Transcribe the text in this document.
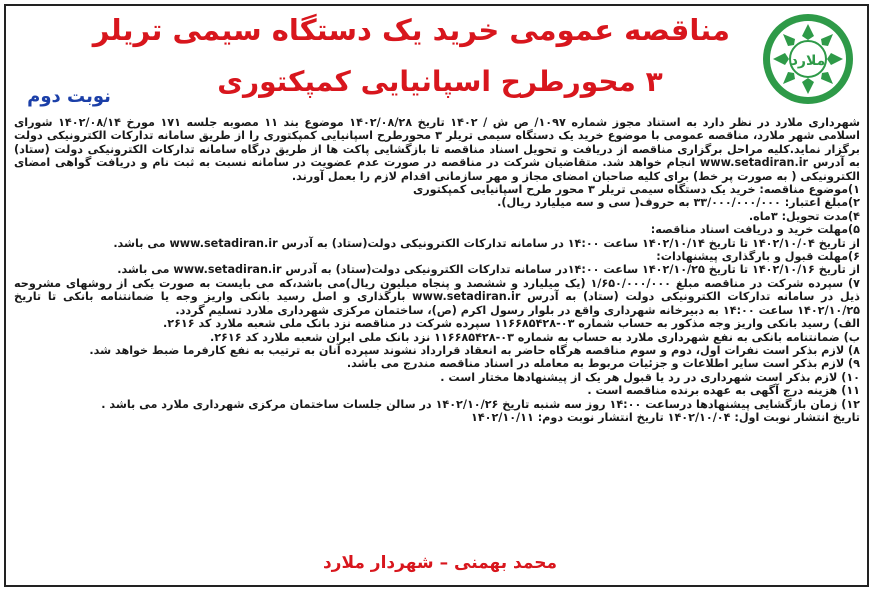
ملارد
مناقصه عمومی خرید یک دستگاه سیمی تریلر
۳ محورطرح اسپانیایی کمپکتوری
نوبت دوم

شهرداری ملارد در نظر دارد به استناد مجوز شماره ۱۰۹۷/ ص ش / ۱۴۰۲ تاریخ ۱۴۰۲/۰۸/۲۸ موضوع بند ۱۱ مصوبه جلسه ۱۷۱ مورخ ۱۴۰۲/۰۸/۱۴ شورای اسلامی شهر ملارد، مناقصه عمومی با موضوع خرید یک دستگاه سیمی تریلر ۳ محورطرح اسپانیایی کمپکتوری را از طریق سامانه تدارکات الکترونیکی دولت برگزار نماید.کلیه مراحل برگزاری مناقصه از دریافت و تحویل اسناد مناقصه تا بازگشایی پاکت ها از طریق درگاه سامانه تدارکات الکترونیکی دولت (ستاد) به آدرس www.setadiran.ir انجام خواهد شد. متقاضیان شرکت در مناقصه در صورت عدم عضویت در سامانه نسبت به ثبت نام و دریافت گواهی امضای الکترونیکی ( به صورت پر خط) برای کلیه صاحبان امضای مجاز و مهر سازمانی اقدام لازم را بعمل آورند.

۱)موضوع مناقصه: خرید یک دستگاه سیمی تریلر ۳ محور طرح اسپانیایی کمپکتوری

۲)مبلغ اعتبار: ۳۳/۰۰۰/۰۰۰/۰۰۰ به حروف( سی و سه میلیارد ریال).

۴)مدت تحویل: ۳ماه.

۵)مهلت خرید و دریافت اسناد مناقصه:

از تاریخ ۱۴۰۲/۱۰/۰۴ تا تاریخ ۱۴۰۲/۱۰/۱۴ ساعت ۱۴:۰۰ در سامانه تدارکات الکترونیکی دولت(ستاد) به آدرس www.setadiran.ir می باشد.

۶)مهلت قبول و بارگذاری پیشنهادات:

از تاریخ ۱۴۰۲/۱۰/۱۶ تا تاریخ ۱۴۰۲/۱۰/۲۵ ساعت ۱۴:۰۰در سامانه تدارکات الکترونیکی دولت(ستاد) به آدرس www.setadiran.ir می باشد.

۷) سپرده شرکت در مناقصه مبلغ ۱/۶۵۰/۰۰۰/۰۰۰ (یک میلیارد و ششصد و پنجاه میلیون ریال)می باشد،که می بایست به صورت یکی از روشهای مشروحه ذیل در سامانه تدارکات الکترونیکی دولت (ستاد) به آدرس www.setadiran.ir بارگذاری و اصل رسید بانکی واریز وجه یا ضمانتنامه بانکی تا تاریخ ۱۴۰۲/۱۰/۲۵ ساعت ۱۴:۰۰ به دبیرخانه شهرداری واقع در بلوار رسول اکرم (ص)، ساختمان مرکزی شهرداری ملارد تسلیم گردد.

الف) رسید بانکی واریز وجه مذکور به حساب شماره ۰۳-۱۱۶۶۸۵۴۲۸ سپرده شرکت در مناقصه نزد بانک ملی شعبه ملارد کد ۲۶۱۶.

ب) ضمانتنامه بانکی به نفع شهرداری ملارد به حساب به شماره ۰۳-۱۱۶۶۸۵۴۲۸ نزد بانک ملی ایران شعبه ملارد کد ۲۶۱۶.

۸) لازم بذکر است نفرات اول، دوم و سوم مناقصه هرگاه حاضر به انعقاد قرارداد نشوند سپرده آنان به ترتیب به نفع کارفرما ضبط خواهد شد.

۹) لازم بذکر است سایر اطلاعات و جزئیات مربوط به معامله در اسناد مناقصه مندرج می باشد.

۱۰) لازم بذکر است شهرداری در رد یا قبول هر یک از پیشنهادها مختار است .

۱۱) هزینه درج آگهی به عهده برنده مناقصه است .

۱۲) زمان بازگشایی پیشنهادها درساعت ۱۴:۰۰ روز سه شنبه تاریخ ۱۴۰۲/۱۰/۲۶ در سالن جلسات ساختمان مرکزی شهرداری ملارد می باشد .

تاریخ انتشار نوبت اول: ۱۴۰۲/۱۰/۰۴ تاریخ انتشار نوبت دوم: ۱۴۰۲/۱۰/۱۱

محمد بهمنی – شهردار ملارد
